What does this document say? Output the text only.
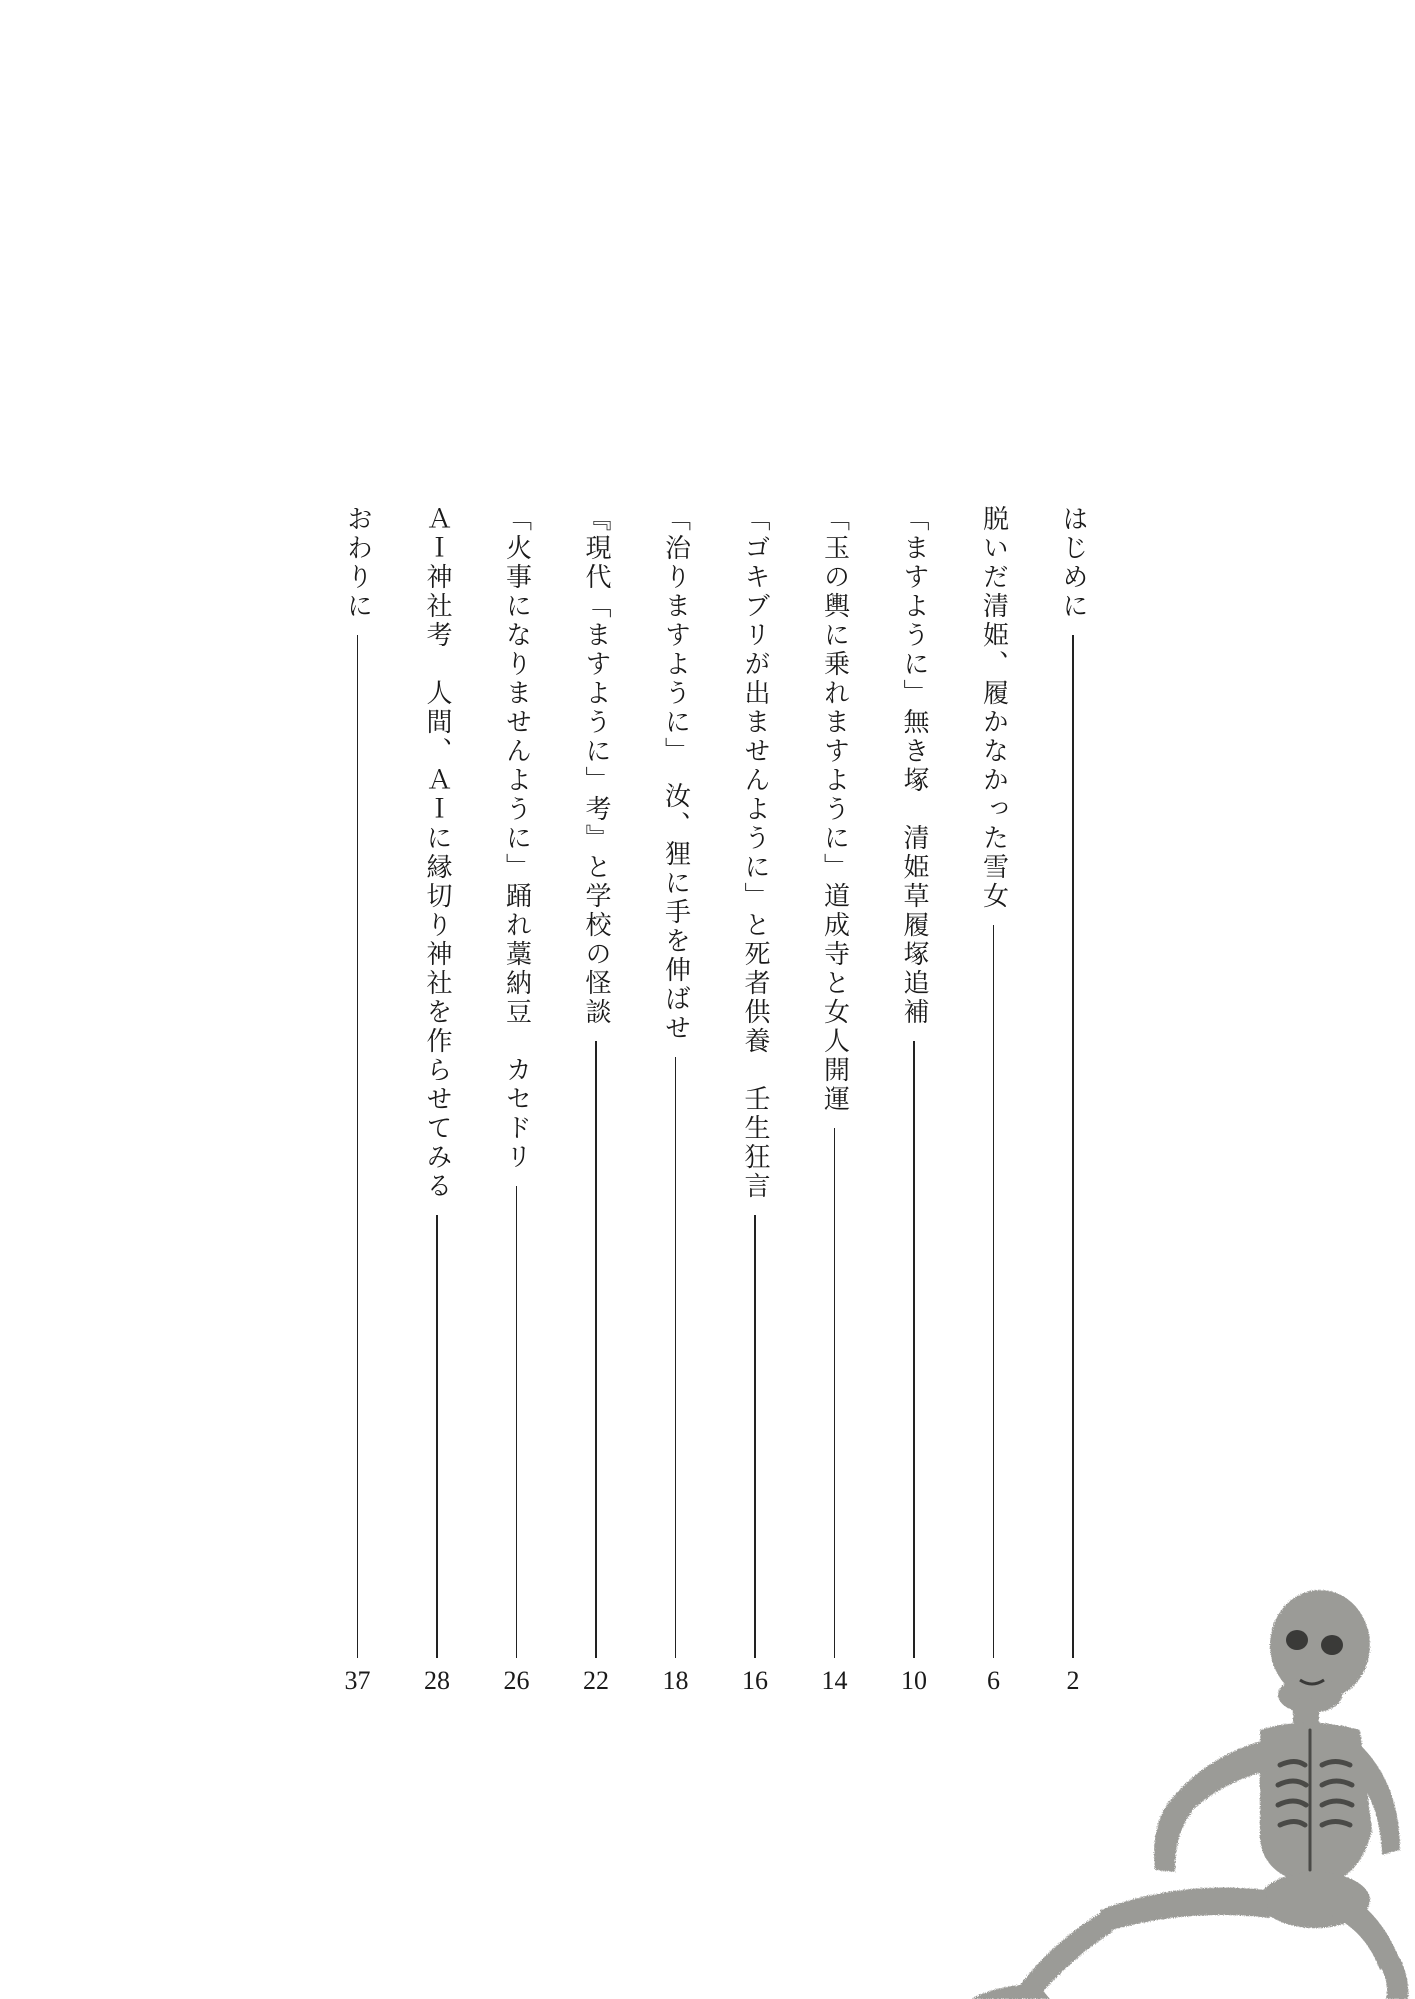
はじめに
2
脱いだ清姫、履かなかった雪女
6
「ますように」無き塚　清姫草履塚追補
10
「玉の輿に乗れますように」道成寺と女人開運
14
「ゴキブリが出ませんように」と死者供養　壬生狂言
16
「治りますように」　汝、狸に手を伸ばせ
18
『現代「ますように」考』と学校の怪談
22
「火事になりませんように」踊れ藁納豆　カセドリ
26
ＡＩ神社考　人間、ＡＩに縁切り神社を作らせてみる
28
おわりに
37
